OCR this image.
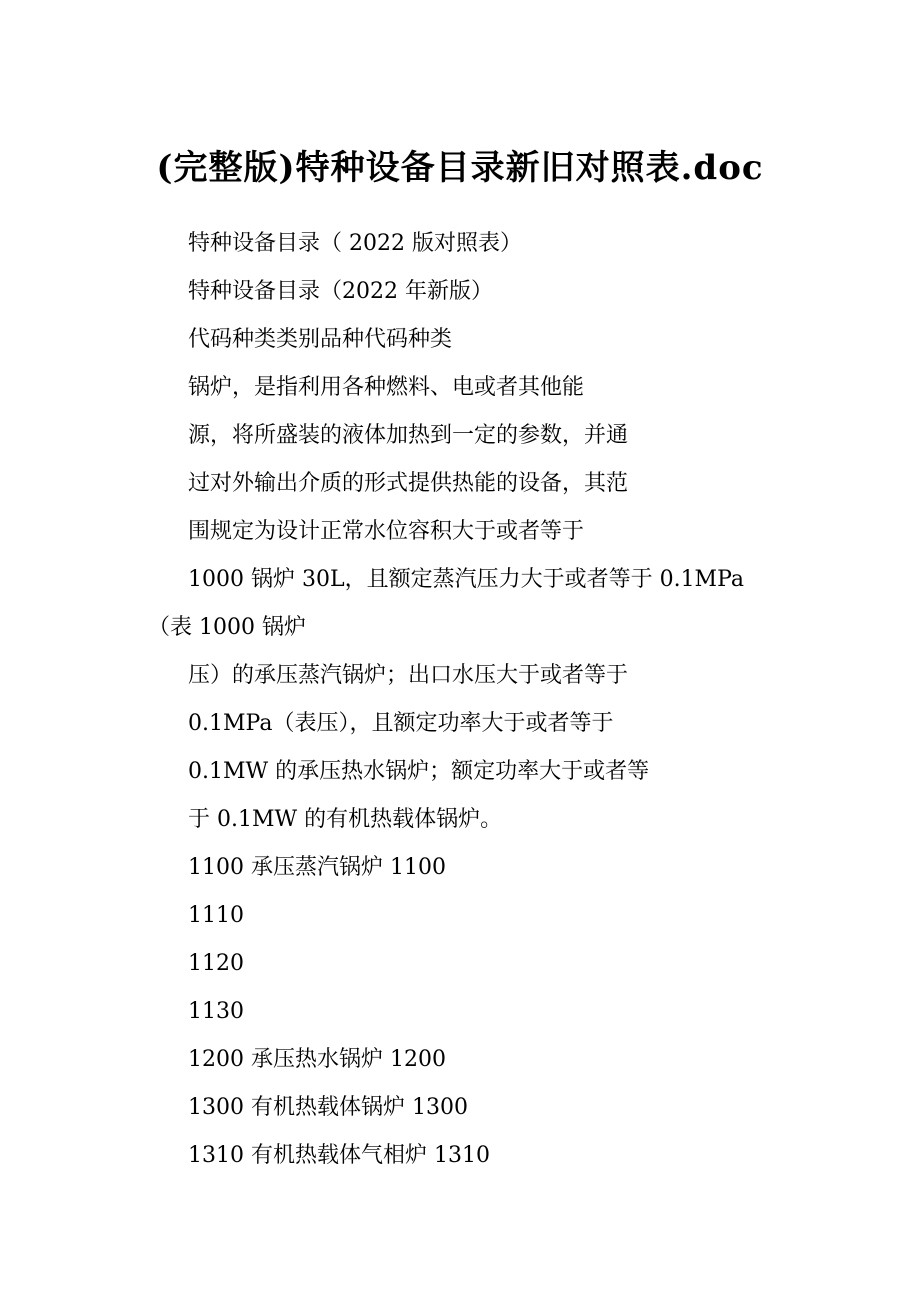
(完整版)特种设备目录新旧对照表.doc
特种设备目录（ 2022 版对照表）
特种设备目录（2022 年新版）
代码种类类别品种代码种类
锅炉，是指利用各种燃料、电或者其他能
源，将所盛装的液体加热到一定的参数，并通
过对外输出介质的形式提供热能的设备，其范
围规定为设计正常水位容积大于或者等于
1000 锅炉 30L，且额定蒸汽压力大于或者等于 0.1MPa
（表 1000 锅炉
压）的承压蒸汽锅炉；出口水压大于或者等于
0.1MPa（表压），且额定功率大于或者等于
0.1MW 的承压热水锅炉；额定功率大于或者等
于 0.1MW 的有机热载体锅炉。
1100 承压蒸汽锅炉 1100
1110
1120
1130
1200 承压热水锅炉 1200
1300 有机热载体锅炉 1300
1310 有机热载体气相炉 1310
